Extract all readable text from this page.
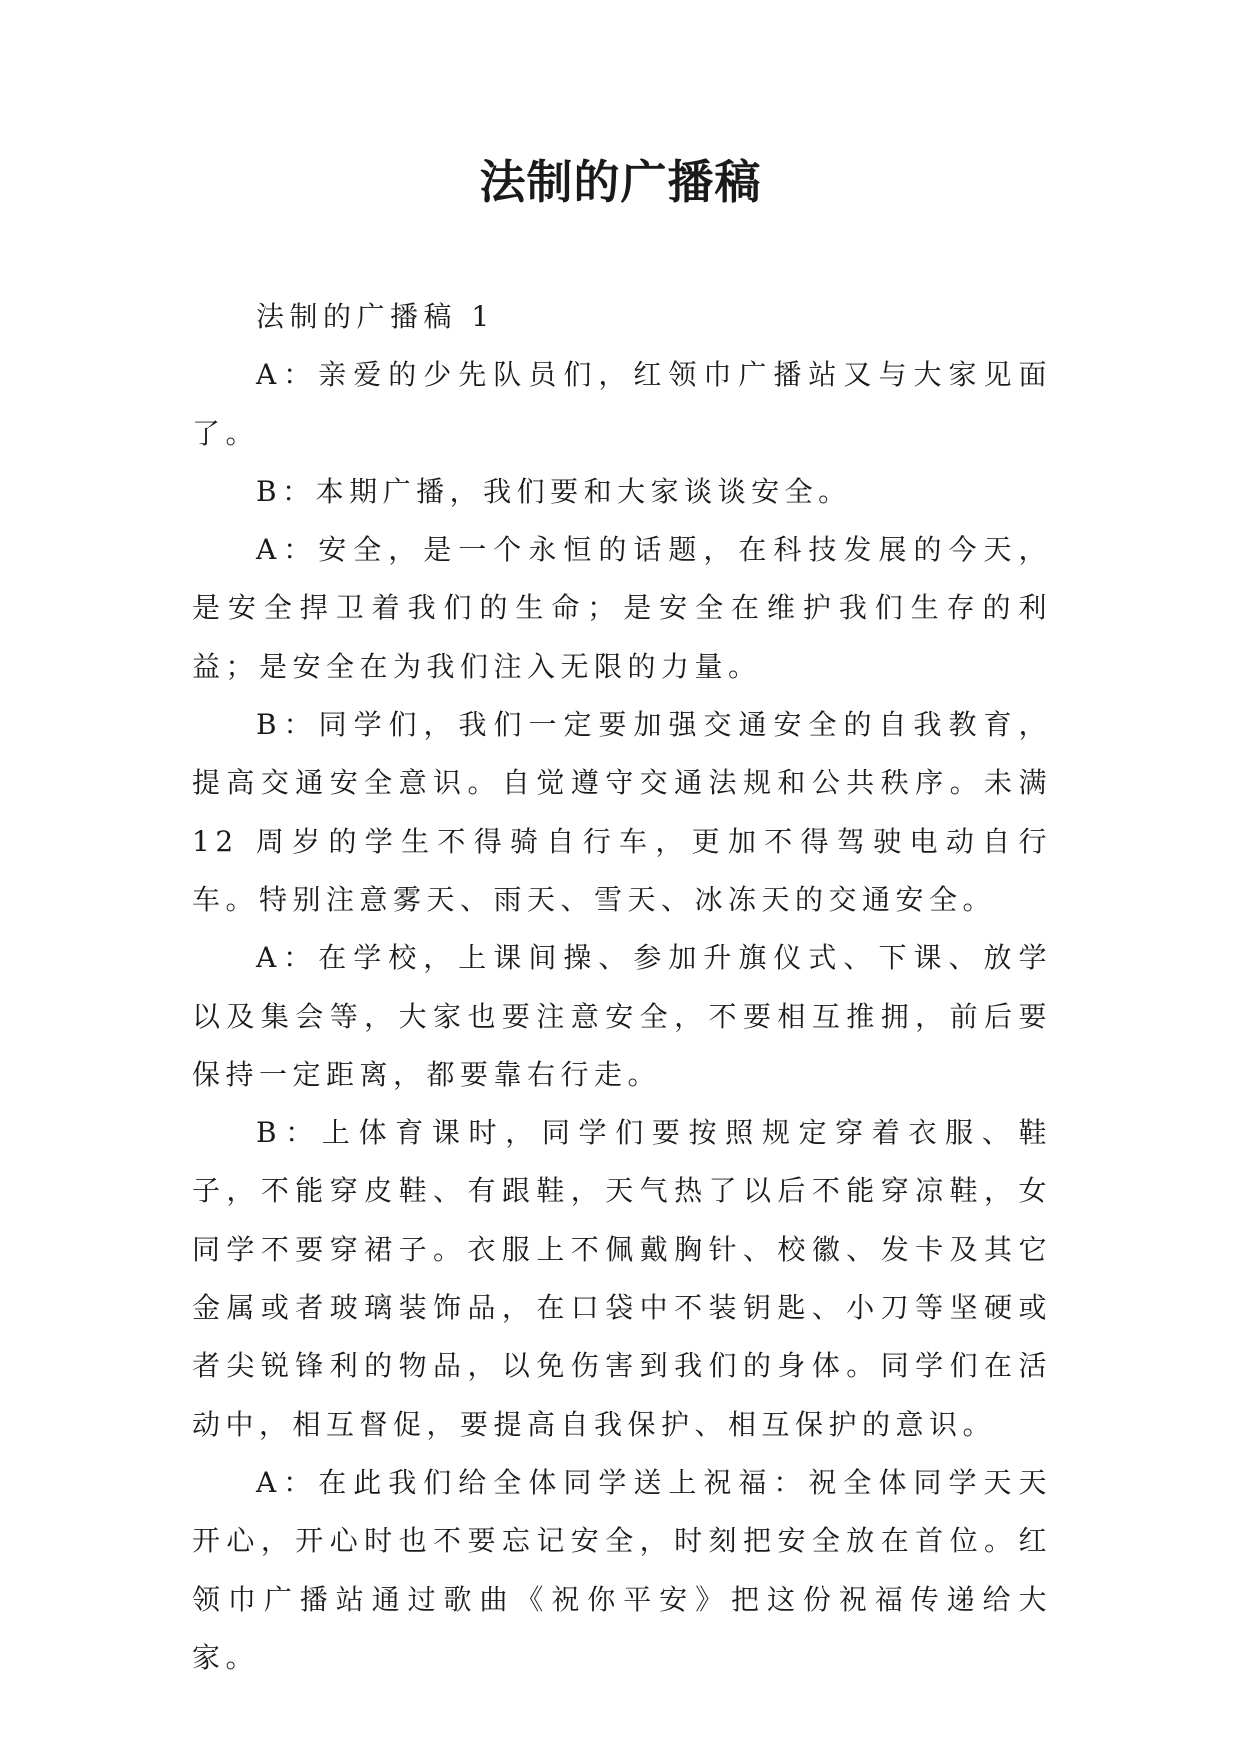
法制的广播稿

法制的广播稿 1

A：亲爱的少先队员们，红领巾广播站又与大家见面了。

B：本期广播，我们要和大家谈谈安全。

A：安全，是一个永恒的话题，在科技发展的今天，是安全捍卫着我们的生命；是安全在维护我们生存的利益；是安全在为我们注入无限的力量。

B：同学们，我们一定要加强交通安全的自我教育，提高交通安全意识。自觉遵守交通法规和公共秩序。未满 12 周岁的学生不得骑自行车，更加不得驾驶电动自行车。特别注意雾天、雨天、雪天、冰冻天的交通安全。

A：在学校，上课间操、参加升旗仪式、下课、放学以及集会等，大家也要注意安全，不要相互推拥，前后要保持一定距离，都要靠右行走。

B：上体育课时，同学们要按照规定穿着衣服、鞋子，不能穿皮鞋、有跟鞋，天气热了以后不能穿凉鞋，女同学不要穿裙子。衣服上不佩戴胸针、校徽、发卡及其它金属或者玻璃装饰品，在口袋中不装钥匙、小刀等坚硬或者尖锐锋利的物品，以免伤害到我们的身体。同学们在活动中，相互督促，要提高自我保护、相互保护的意识。

A：在此我们给全体同学送上祝福：祝全体同学天天开心，开心时也不要忘记安全，时刻把安全放在首位。红领巾广播站通过歌曲《祝你平安》把这份祝福传递给大家。
